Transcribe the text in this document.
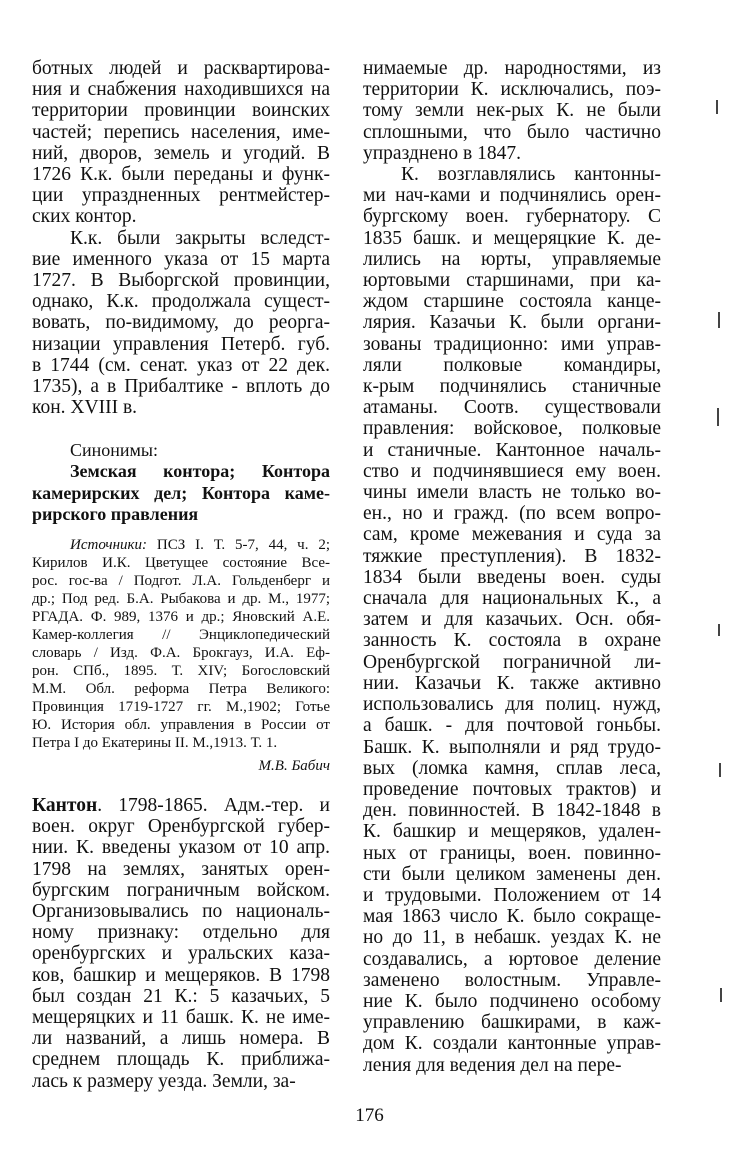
ботных людей и расквартирова-
ния и снабжения находившихся на
территории провинции воинских
частей; перепись населения, име-
ний, дворов, земель и угодий. В
1726 К.к. были переданы и функ-
ции упраздненных рентмейстер-
ских контор.
К.к. были закрыты вследст-
вие именного указа от 15 марта
1727. В Выборгской провинции,
однако, К.к. продолжала сущест-
вовать, по-видимому, до реорга-
низации управления Петерб. губ.
в 1744 (см. сенат. указ от 22 дек.
1735), а в Прибалтике - вплоть до
кон. XVIII в.
Синонимы:
Земская контора; Контора
камерирских дел; Контора каме-
рирского правления
Источники: ПСЗ I. Т. 5-7, 44, ч. 2;
Кирилов И.К. Цветущее состояние Все-
рос. гос-ва / Подгот. Л.А. Гольденберг и
др.; Под ред. Б.А. Рыбакова и др. М., 1977;
РГАДА. Ф. 989, 1376 и др.; Яновский А.Е.
Камер-коллегия // Энциклопедический
словарь / Изд. Ф.А. Брокгауз, И.А. Еф-
рон. СПб., 1895. Т. XIV; Богословский
М.М. Обл. реформа Петра Великого:
Провинция 1719-1727 гг. М.,1902; Готье
Ю. История обл. управления в России от
Петра I до Екатерины II. М.,1913. Т. 1.
М.В. Бабич
Кантон. 1798-1865. Адм.-тер. и
воен. округ Оренбургской губер-
нии. К. введены указом от 10 апр.
1798 на землях, занятых орен-
бургским пограничным войском.
Организовывались по националь-
ному признаку: отдельно для
оренбургских и уральских каза-
ков, башкир и мещеряков. В 1798
был создан 21 К.: 5 казачьих, 5
мещеряцких и 11 башк. К. не име-
ли названий, а лишь номера. В
среднем площадь К. приближа-
лась к размеру уезда. Земли, за-
нимаемые др. народностями, из
территории К. исключались, поэ-
тому земли нек-рых К. не были
сплошными, что было частично
упразднено в 1847.
К. возглавлялись кантонны-
ми нач-ками и подчинялись орен-
бургскому воен. губернатору. С
1835 башк. и мещеряцкие К. де-
лились на юрты, управляемые
юртовыми старшинами, при ка-
ждом старшине состояла канце-
лярия. Казачьи К. были органи-
зованы традиционно: ими управ-
ляли полковые командиры,
к-рым подчинялись станичные
атаманы. Соотв. существовали
правления: войсковое, полковые
и станичные. Кантонное началь-
ство и подчинявшиеся ему воен.
чины имели власть не только во-
ен., но и гражд. (по всем вопро-
сам, кроме межевания и суда за
тяжкие преступления). В 1832-
1834 были введены воен. суды
сначала для национальных К., а
затем и для казачьих. Осн. обя-
занность К. состояла в охране
Оренбургской пограничной ли-
нии. Казачьи К. также активно
использовались для полиц. нужд,
а башк. - для почтовой гоньбы.
Башк. К. выполняли и ряд трудо-
вых (ломка камня, сплав леса,
проведение почтовых трактов) и
ден. повинностей. В 1842-1848 в
К. башкир и мещеряков, удален-
ных от границы, воен. повинно-
сти были целиком заменены ден.
и трудовыми. Положением от 14
мая 1863 число К. было сокраще-
но до 11, в небашк. уездах К. не
создавались, а юртовое деление
заменено волостным. Управле-
ние К. было подчинено особому
управлению башкирами, в каж-
дом К. создали кантонные управ-
ления для ведения дел на пере-
176
